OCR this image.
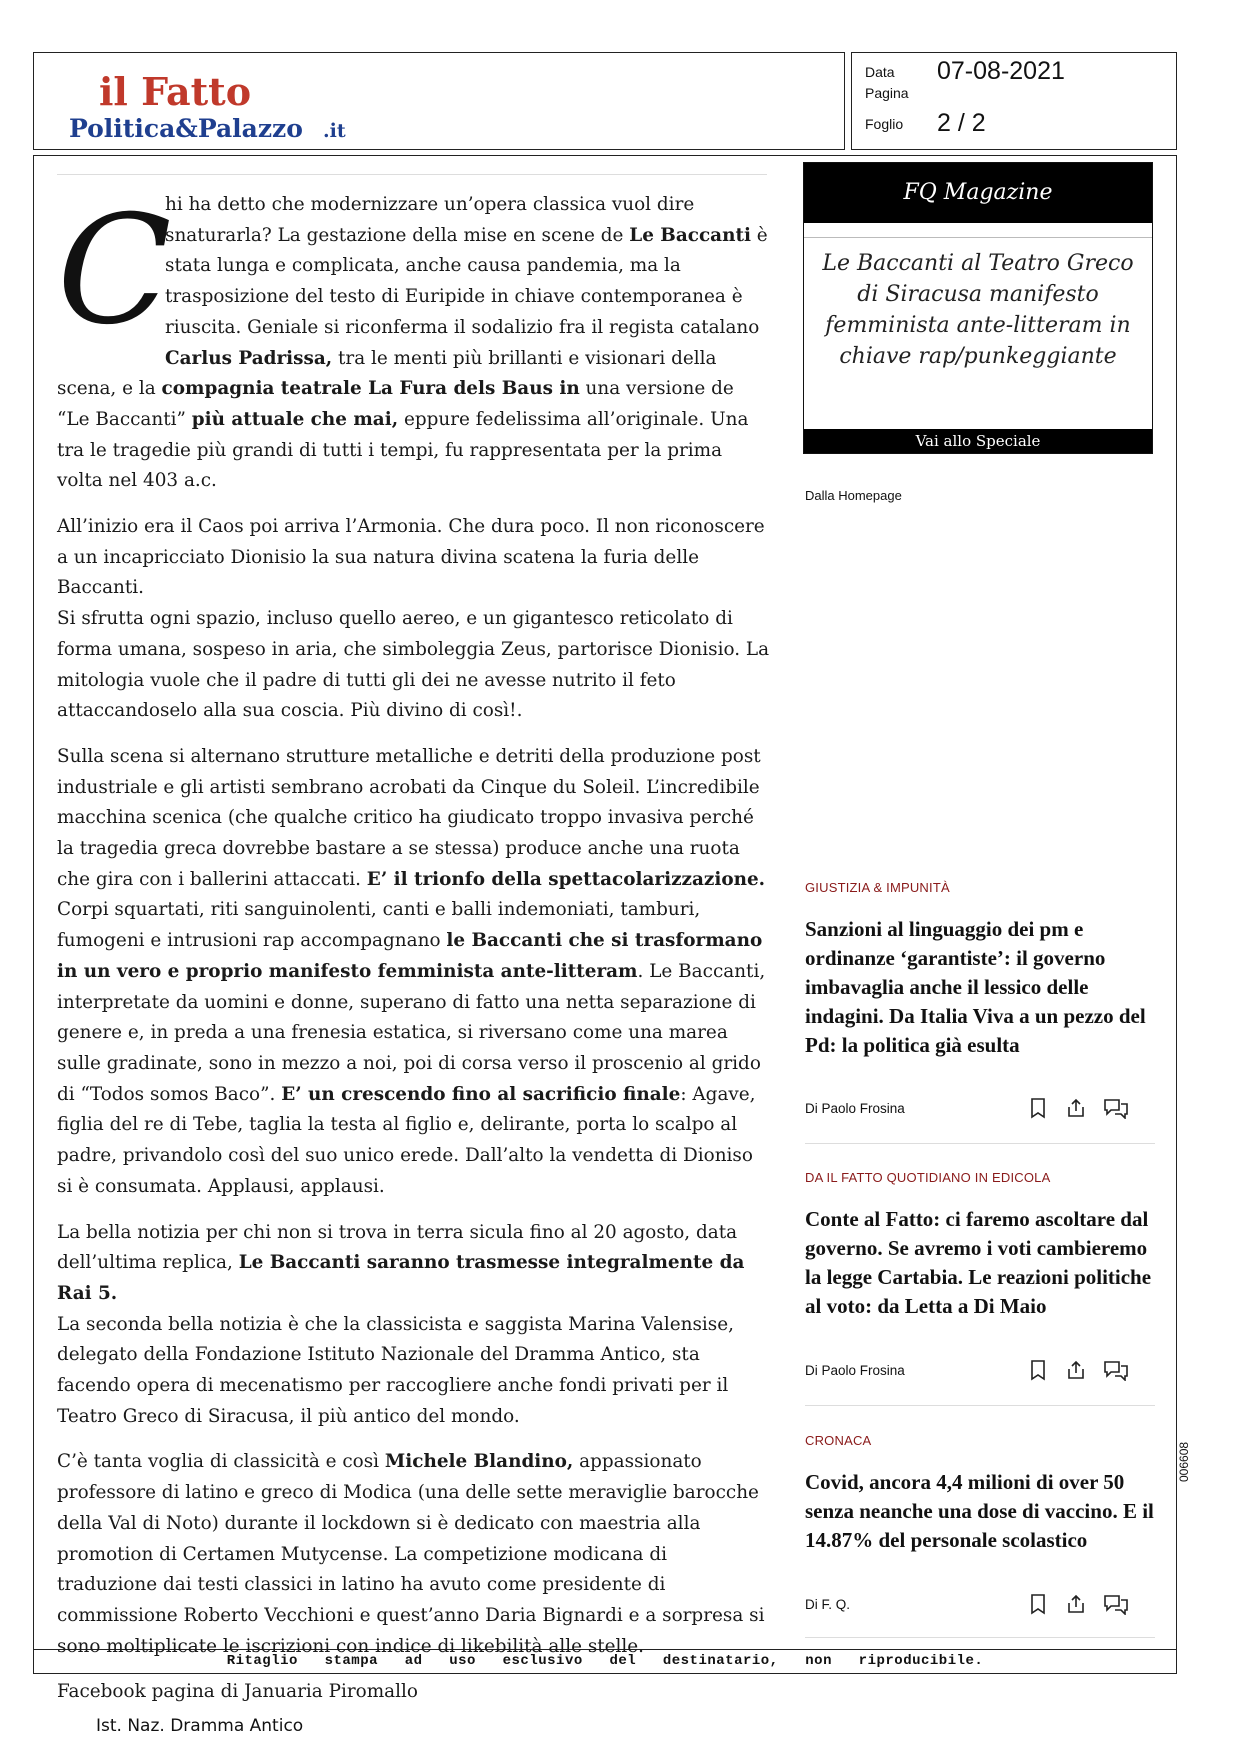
il Fatto
Politica&Palazzo .it
Data	07-08-2021
Pagina
Foglio	2 / 2

C
hi ha detto che modernizzare un’opera classica vuol dire snaturarla? La gestazione della mise en scene de Le Baccanti è stata lunga e complicata, anche causa pandemia, ma la trasposizione del testo di Euripide in chiave contemporanea è riuscita. Geniale si riconferma il sodalizio fra il regista catalano Carlus Padrissa, tra le menti più brillanti e visionari della scena, e la compagnia teatrale La Fura dels Baus in una versione de “Le Baccanti” più attuale che mai, eppure fedelissima all’originale. Una tra le tragedie più grandi di tutti i tempi, fu rappresentata per la prima volta nel 403 a.c.

All’inizio era il Caos poi arriva l’Armonia. Che dura poco. Il non riconoscere a un incapricciato Dionisio la sua natura divina scatena la furia delle Baccanti.
Si sfrutta ogni spazio, incluso quello aereo, e un gigantesco reticolato di forma umana, sospeso in aria, che simboleggia Zeus, partorisce Dionisio. La mitologia vuole che il padre di tutti gli dei ne avesse nutrito il feto attaccandoselo alla sua coscia. Più divino di così!.

Sulla scena si alternano strutture metalliche e detriti della produzione post industriale e gli artisti sembrano acrobati da Cinque du Soleil. L’incredibile macchina scenica (che qualche critico ha giudicato troppo invasiva perché la tragedia greca dovrebbe bastare a se stessa) produce anche una ruota che gira con i ballerini attaccati. E’ il trionfo della spettacolarizzazione. Corpi squartati, riti sanguinolenti, canti e balli indemoniati, tamburi, fumogeni e intrusioni rap accompagnano le Baccanti che si trasformano in un vero e proprio manifesto femminista ante-litteram. Le Baccanti, interpretate da uomini e donne, superano di fatto una netta separazione di genere e, in preda a una frenesia estatica, si riversano come una marea sulle gradinate, sono in mezzo a noi, poi di corsa verso il proscenio al grido di “Todos somos Baco”. E’ un crescendo fino al sacrificio finale: Agave, figlia del re di Tebe, taglia la testa al figlio e, delirante, porta lo scalpo al padre, privandolo così del suo unico erede. Dall’alto la vendetta di Dioniso si è consumata. Applausi, applausi.

La bella notizia per chi non si trova in terra sicula fino al 20 agosto, data dell’ultima replica, Le Baccanti saranno trasmesse integralmente da Rai 5.
La seconda bella notizia è che la classicista e saggista Marina Valensise, delegato della Fondazione Istituto Nazionale del Dramma Antico, sta facendo opera di mecenatismo per raccogliere anche fondi privati per il Teatro Greco di Siracusa, il più antico del mondo.

C’è tanta voglia di classicità e così Michele Blandino, appassionato professore di latino e greco di Modica (una delle sette meraviglie barocche della Val di Noto) durante il lockdown si è dedicato con maestria alla promotion di Certamen Mutycense. La competizione modicana di traduzione dai testi classici in latino ha avuto come presidente di commissione Roberto Vecchioni e quest’anno Daria Bignardi e a sorpresa si sono moltiplicate le iscrizioni con indice di likebilità alle stelle.

Facebook pagina di Januaria Piromallo

FQ Magazine
Le Baccanti al Teatro Greco di Siracusa manifesto femminista ante-litteram in chiave rap/punkeggiante
Vai allo Speciale
Dalla Homepage
GIUSTIZIA & IMPUNITÀ
Sanzioni al linguaggio dei pm e ordinanze ‘garantiste’: il governo imbavaglia anche il lessico delle indagini. Da Italia Viva a un pezzo del Pd: la politica già esulta
Di Paolo Frosina
DA IL FATTO QUOTIDIANO IN EDICOLA
Conte al Fatto: ci faremo ascoltare dal governo. Se avremo i voti cambieremo la legge Cartabia. Le reazioni politiche al voto: da Letta a Di Maio
Di Paolo Frosina
CRONACA
Covid, ancora 4,4 milioni di over 50 senza neanche una dose di vaccino. E il 14.87% del personale scolastico
Di F. Q.
Ritaglio   stampa   ad   uso   esclusivo   del   destinatario,   non   riproducibile.
006608
Ist. Naz. Dramma Antico
